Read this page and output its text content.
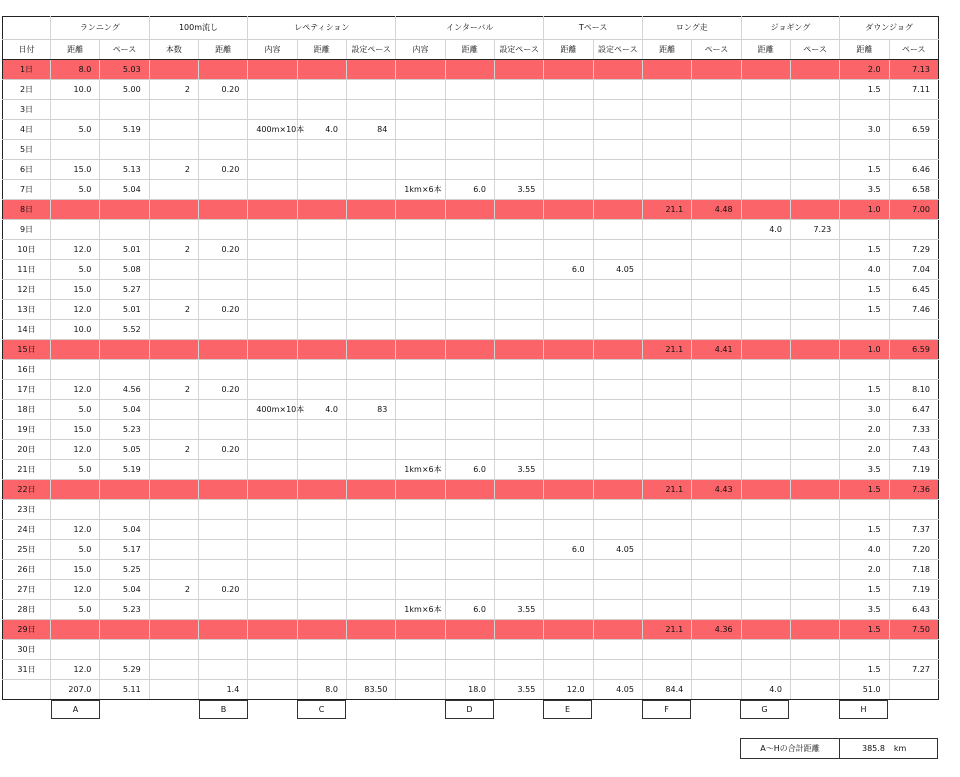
	ランニング		100m流し		レペティション			インターバル			Tペース		ロング走		ジョギング		ダウンジョグ	
日付	距離	ペース	本数	距離	内容	距離	設定ペース	内容	距離	設定ペース	距離	設定ペース	距離	ペース	距離	ペース	距離	ペース
1日	8.0	5.03															2.0	7.13
2日	10.0	5.00	2	0.20													1.5	7.11
3日																		
4日	5.0	5.19			400m×10本	4.0	84										3.0	6.59
5日																		
6日	15.0	5.13	2	0.20													1.5	6.46
7日	5.0	5.04						1km×6本	6.0	3.55							3.5	6.58
8日													21.1	4.48			1.0	7.00
9日															4.0	7.23		
10日	12.0	5.01	2	0.20													1.5	7.29
11日	5.0	5.08									6.0	4.05					4.0	7.04
12日	15.0	5.27															1.5	6.45
13日	12.0	5.01	2	0.20													1.5	7.46
14日	10.0	5.52																
15日													21.1	4.41			1.0	6.59
16日																		
17日	12.0	4.56	2	0.20													1.5	8.10
18日	5.0	5.04			400m×10本	4.0	83										3.0	6.47
19日	15.0	5.23															2.0	7.33
20日	12.0	5.05	2	0.20													2.0	7.43
21日	5.0	5.19						1km×6本	6.0	3.55							3.5	7.19
22日													21.1	4.43			1.5	7.36
23日																		
24日	12.0	5.04															1.5	7.37
25日	5.0	5.17									6.0	4.05					4.0	7.20
26日	15.0	5.25															2.0	7.18
27日	12.0	5.04	2	0.20													1.5	7.19
28日	5.0	5.23						1km×6本	6.0	3.55							3.5	6.43
29日													21.1	4.36			1.5	7.50
30日																		
31日	12.0	5.29															1.5	7.27
	207.0	5.11		1.4		8.0	83.50		18.0	3.55	12.0	4.05	84.4		4.0		51.0	
A	B	C	D	E	F	G	H
A〜Hの合計距離	385.8 km
